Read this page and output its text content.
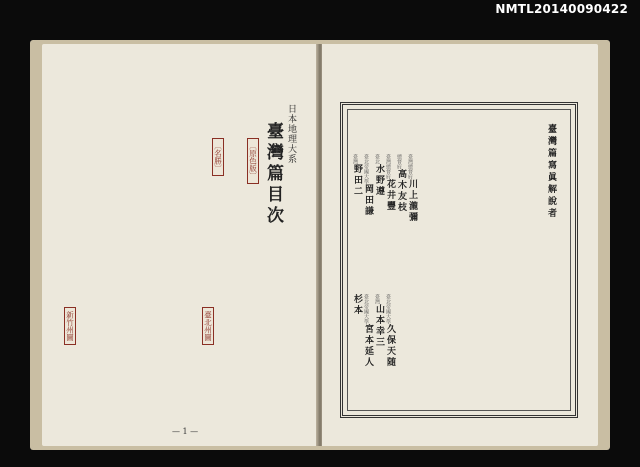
NMTL20140090422
日本地理大系
臺灣篇目次
〔原色版〕
〔名勝〕
臺北州圖
新竹州圖
— 1 —
臺灣篇寫眞解說者
臺灣總督府
川上瀧彌
總督府
高木友枝
臺灣總督府
花井豐
臺北
水野遵
臺北帝國大學
岡田謙
臺灣
野田二
臺北帝國大學
久保天随
臺灣
山本幸三
臺北帝國大學
宮本延人
杉本
